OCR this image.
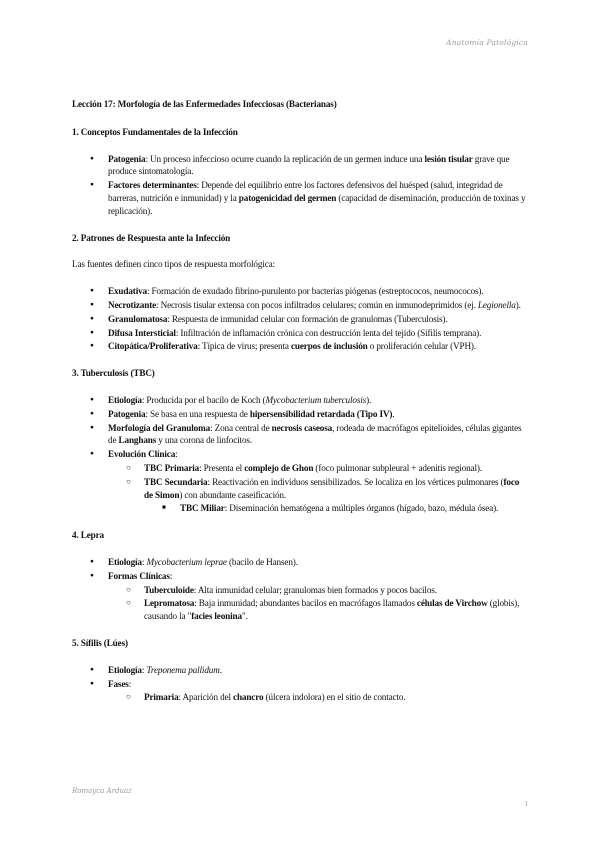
Anatomía Patológica

Lección 17: Morfología de las Enfermedades Infecciosas (Bacterianas)

1. Conceptos Fundamentales de la Infección

● Patogenia: Un proceso infeccioso ocurre cuando la replicación de un germen induce una lesión tisular grave que produce sintomatología.
● Factores determinantes: Depende del equilibrio entre los factores defensivos del huésped (salud, integridad de barreras, nutrición e inmunidad) y la patogenicidad del germen (capacidad de diseminación, producción de toxinas y replicación).

2. Patrones de Respuesta ante la Infección

Las fuentes definen cinco tipos de respuesta morfológica:

● Exudativa: Formación de exudado fibrino-purulento por bacterias piógenas (estreptococos, neumococos).
● Necrotizante: Necrosis tisular extensa con pocos infiltrados celulares; común en inmunodeprimidos (ej. Legionella).
● Granulomatosa: Respuesta de inmunidad celular con formación de granulomas (Tuberculosis).
● Difusa Intersticial: Infiltración de inflamación crónica con destrucción lenta del tejido (Sífilis temprana).
● Citopática/Proliferativa: Típica de virus; presenta cuerpos de inclusión o proliferación celular (VPH).

3. Tuberculosis (TBC)

● Etiología: Producida por el bacilo de Koch (Mycobacterium tuberculosis).
● Patogenia: Se basa en una respuesta de hipersensibilidad retardada (Tipo IV).
● Morfología del Granuloma: Zona central de necrosis caseosa, rodeada de macrófagos epitelioides, células gigantes de Langhans y una corona de linfocitos.
● Evolución Clínica:
○ TBC Primaria: Presenta el complejo de Ghon (foco pulmonar subpleural + adenitis regional).
○ TBC Secundaria: Reactivación en individuos sensibilizados. Se localiza en los vértices pulmonares (foco de Simon) con abundante caseificación.
■ TBC Miliar: Diseminación hematógena a múltiples órganos (hígado, bazo, médula ósea).

4. Lepra

● Etiología: Mycobacterium leprae (bacilo de Hansen).
● Formas Clínicas:
○ Tuberculoide: Alta inmunidad celular; granulomas bien formados y pocos bacilos.
○ Lepromatosa: Baja inmunidad; abundantes bacilos en macrófagos llamados células de Virchow (globis), causando la "facies leonina".

5. Sífilis (Lúes)

● Etiología: Treponema pallidum.
● Fases:
○ Primaria: Aparición del chancro (úlcera indolora) en el sitio de contacto.
Romayca Arduaz
1
